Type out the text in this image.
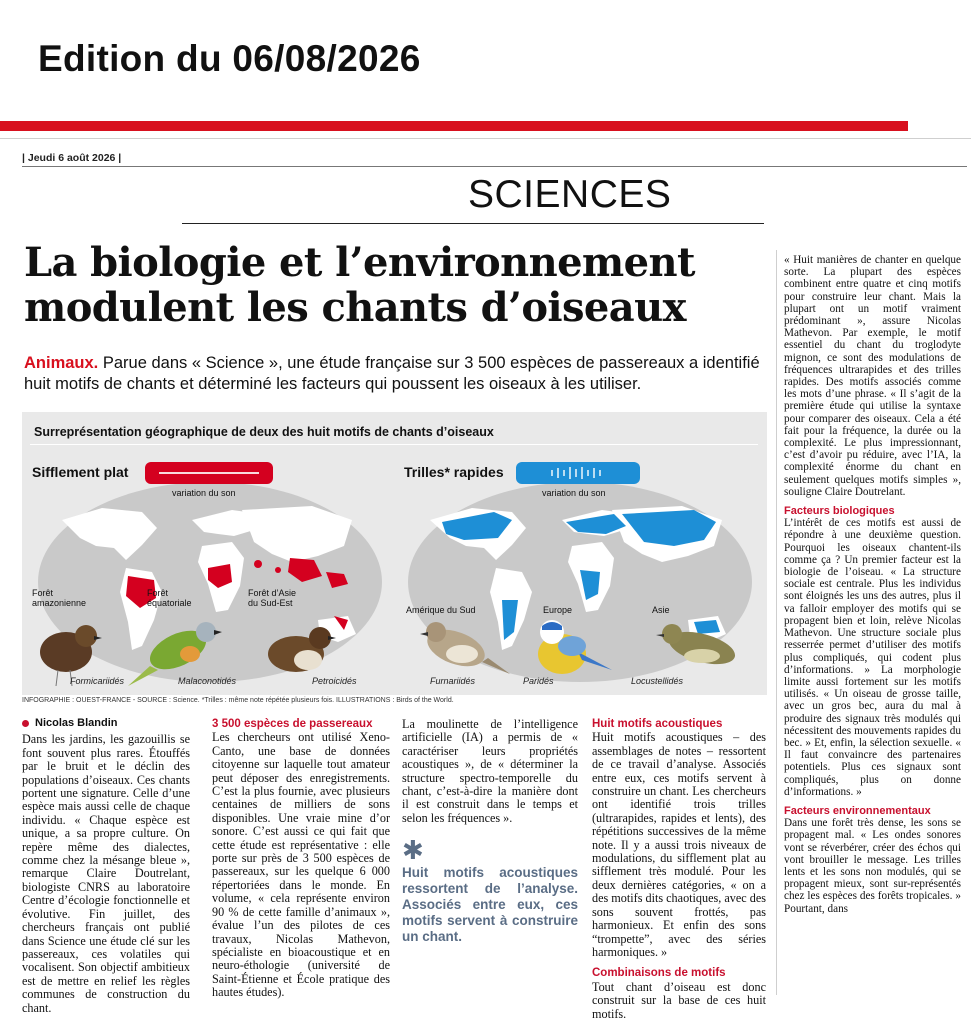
Edition du 06/08/2026
| Jeudi 6 août 2026 |
SCIENCES
La biologie et l’environnement modulent les chants d’oiseaux
Animaux. Parue dans « Science », une étude française sur 3 500 espèces de passereaux a identifié huit motifs de chants et déterminé les facteurs qui poussent les oiseaux à les utiliser.
Surreprésentation géographique de deux des huit motifs de chants d’oiseaux
Sifflement plat
variation du son
Forêt amazonienne
Forêt équatoriale
Forêt d’Asie du Sud-Est
Formicariidés	Malaconotidés	Petroicidés
Trilles* rapides
variation du son
Amérique du Sud	Europe	Asie
Furnariidés	Paridés	Locustellidés
INFOGRAPHIE : OUEST-FRANCE - SOURCE : Science. *Trilles : même note répétée plusieurs fois. ILLUSTRATIONS : Birds of the World.
Nicolas Blandin
Dans les jardins, les gazouillis se font souvent plus rares. Étouffés par le bruit et le déclin des populations d’oiseaux. Ces chants portent une signature. Celle d’une espèce mais aussi celle de chaque individu. « Chaque espèce est unique, a sa propre culture. On repère même des dialectes, comme chez la mésange bleue », remarque Claire Doutrelant, biologiste CNRS au laboratoire Centre d’écologie fonctionnelle et évolutive. Fin juillet, des chercheurs français ont publié dans Science une étude clé sur les passereaux, ces volatiles qui vocalisent. Son objectif ambitieux est de mettre en relief les règles communes de construction du chant.
3 500 espèces de passereaux
Les chercheurs ont utilisé Xeno-Canto, une base de données citoyenne sur laquelle tout amateur peut déposer des enregistrements. C’est la plus fournie, avec plusieurs centaines de milliers de sons disponibles. Une vraie mine d’or sonore. C’est aussi ce qui fait que cette étude est représentative : elle porte sur près de 3 500 espèces de passereaux, sur les quelque 6 000 répertoriées dans le monde. En volume, « cela représente environ 90 % de cette famille d’animaux », évalue l’un des pilotes de ces travaux, Nicolas Mathevon, spécialiste en bioacoustique et en neuro-éthologie (université de Saint-Étienne et École pratique des hautes études).
La moulinette de l’intelligence artificielle (IA) a permis de « caractériser leurs propriétés acoustiques », de « déterminer la structure spectro-temporelle du chant, c’est-à-dire la manière dont il est construit dans le temps et selon les fréquences ».
✱
Huit motifs acoustiques ressortent de l’analyse. Associés entre eux, ces motifs servent à construire un chant.
Huit motifs acoustiques
Huit motifs acoustiques – des assemblages de notes – ressortent de ce travail d’analyse. Associés entre eux, ces motifs servent à construire un chant. Les chercheurs ont identifié trois trilles (ultrarapides, rapides et lents), des répétitions successives de la même note. Il y a aussi trois niveaux de modulations, du sifflement plat au sifflement très modulé. Pour les deux dernières catégories, « on a des motifs dits chaotiques, avec des sons souvent frottés, pas harmonieux. Et enfin des sons “trompette”, avec des séries harmoniques. »
Combinaisons de motifs
Tout chant d’oiseau est donc construit sur la base de ces huit motifs.
« Huit manières de chanter en quelque sorte. La plupart des espèces combinent entre quatre et cinq motifs pour construire leur chant. Mais la plupart ont un motif vraiment prédominant », assure Nicolas Mathevon. Par exemple, le motif essentiel du chant du troglodyte mignon, ce sont des modulations de fréquences ultrarapides et des trilles rapides. Des motifs associés comme les mots d’une phrase. « Il s’agit de la première étude qui utilise la syntaxe pour comparer des oiseaux. Cela a été fait pour la fréquence, la durée ou la complexité. Le plus impressionnant, c’est d’avoir pu réduire, avec l’IA, la complexité énorme du chant en seulement quelques motifs simples », souligne Claire Doutrelant.
Facteurs biologiques
L’intérêt de ces motifs est aussi de répondre à une deuxième question. Pourquoi les oiseaux chantent-ils comme ça ? Un premier facteur est la biologie de l’oiseau. « La structure sociale est centrale. Plus les individus sont éloignés les uns des autres, plus il va falloir employer des motifs qui se propagent bien et loin, relève Nicolas Mathevon. Une structure sociale plus resserrée permet d’utiliser des motifs plus compliqués, qui codent plus d’informations. » La morphologie limite aussi fortement sur les motifs utilisés. « Un oiseau de grosse taille, avec un gros bec, aura du mal à produire des signaux très modulés qui nécessitent des mouvements rapides du bec. » Et, enfin, la sélection sexuelle. « Il faut convaincre des partenaires potentiels. Plus ces signaux sont compliqués, plus on donne d’informations. »
Facteurs environnementaux
Dans une forêt très dense, les sons se propagent mal. « Les ondes sonores vont se réverbérer, créer des échos qui vont brouiller le message. Les trilles lents et les sons non modulés, qui se propagent mieux, sont sur-représentés chez les espèces des forêts tropicales. » Pourtant, dans
